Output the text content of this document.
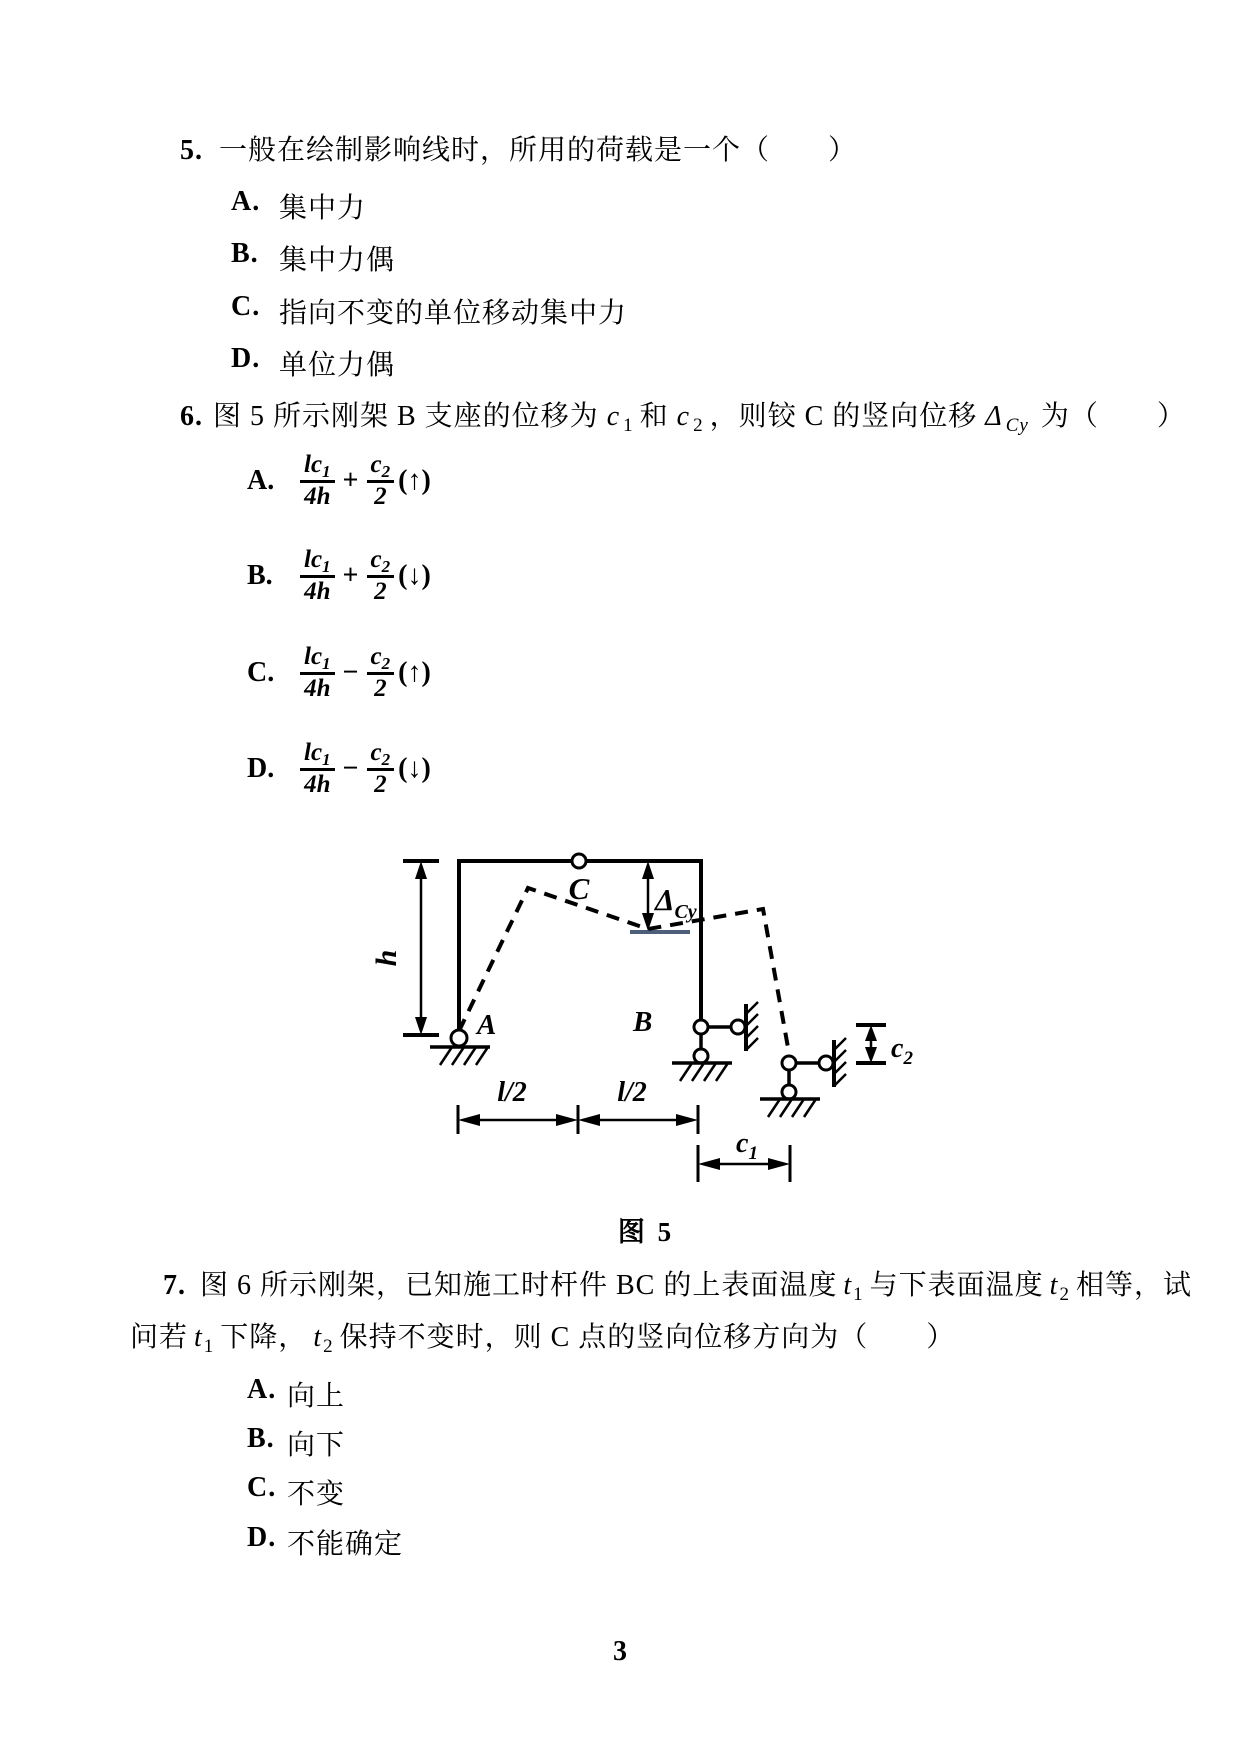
5. 一般在绘制影响线时，所用的荷载是一个（　　）
A. 集中力
B. 集中力偶
C. 指向不变的单位移动集中力
D. 单位力偶
6. 图 5 所示刚架 B 支座的位移为 c $_1$ 和 c $_2$ ，则铰 C 的竖向位移 Δ $_{Cy}$ 为（　　）
A.	$\frac{lc_1}{4h} + \frac{c_2}{2}$ (↑)
B.	$\frac{lc_1}{4h} + \frac{c_2}{2}$ (↓)
C.	$\frac{lc_1}{4h} - \frac{c_2}{2}$ (↑)
D.	$\frac{lc_1}{4h} - \frac{c_2}{2}$ (↓)
C
h
$\Delta_{Cy}$
A	B
$c_2$
l/2	l/2
$c_1$
图 5
7. 图 6 所示刚架，已知施工时杆件 BC 的上表面温度 $t_1$ 与下表面温度 $t_2$ 相等，试
问若 $t_1$ 下降， $t_2$ 保持不变时，则 C 点的竖向位移方向为（　　）
A. 向上
B. 向下
C. 不变
D. 不能确定
3
